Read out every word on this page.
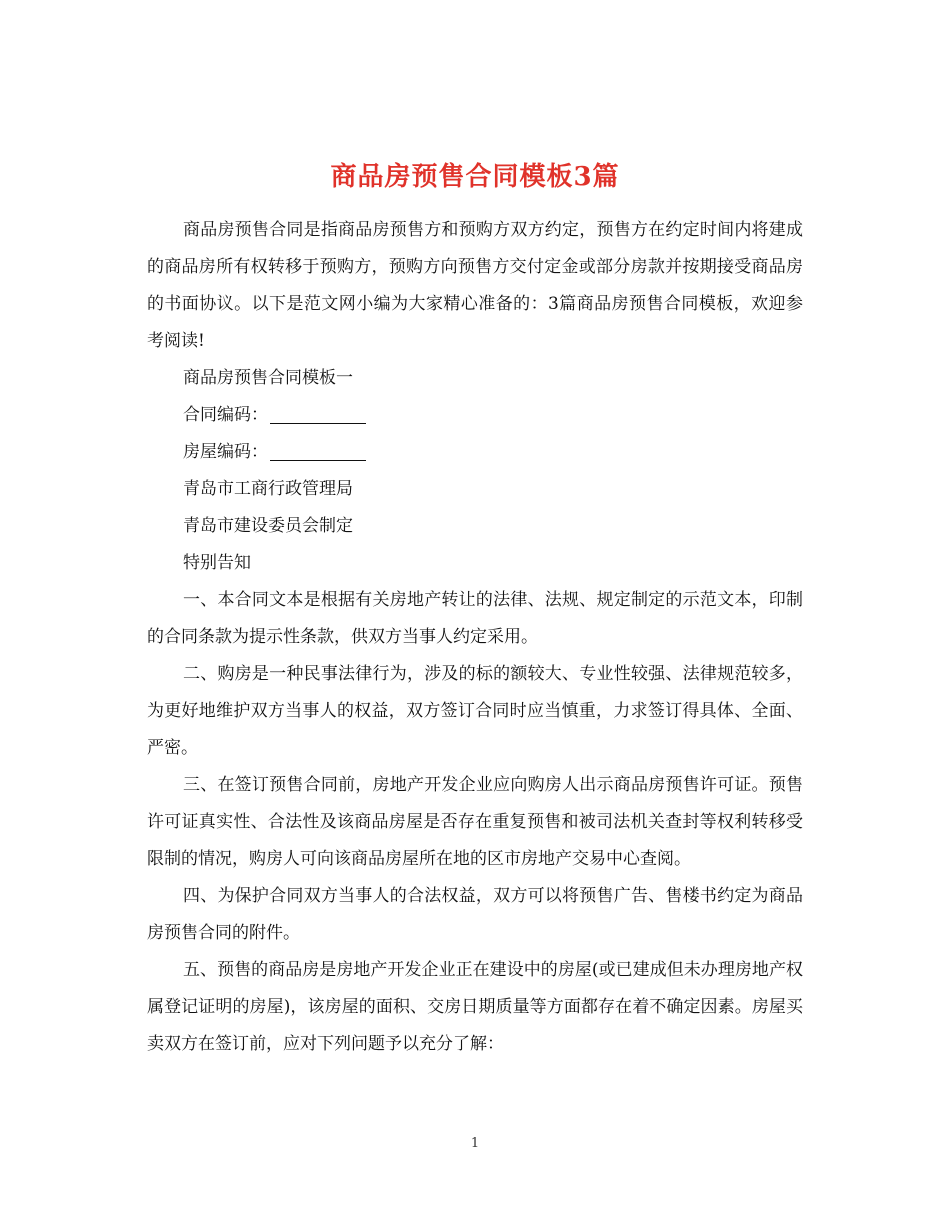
商品房预售合同模板3篇

商品房预售合同是指商品房预售方和预购方双方约定，预售方在约定时间内将建成的商品房所有权转移于预购方，预购方向预售方交付定金或部分房款并按期接受商品房的书面协议。以下是范文网小编为大家精心准备的：3篇商品房预售合同模板，欢迎参考阅读!

商品房预售合同模板一

合同编码：

房屋编码：

青岛市工商行政管理局

青岛市建设委员会制定

特别告知

一、本合同文本是根据有关房地产转让的法律、法规、规定制定的示范文本，印制的合同条款为提示性条款，供双方当事人约定采用。

二、购房是一种民事法律行为，涉及的标的额较大、专业性较强、法律规范较多，为更好地维护双方当事人的权益，双方签订合同时应当慎重，力求签订得具体、全面、严密。

三、在签订预售合同前，房地产开发企业应向购房人出示商品房预售许可证。预售许可证真实性、合法性及该商品房屋是否存在重复预售和被司法机关查封等权利转移受限制的情况，购房人可向该商品房屋所在地的区市房地产交易中心查阅。

四、为保护合同双方当事人的合法权益，双方可以将预售广告、售楼书约定为商品房预售合同的附件。

五、预售的商品房是房地产开发企业正在建设中的房屋(或已建成但未办理房地产权属登记证明的房屋)，该房屋的面积、交房日期质量等方面都存在着不确定因素。房屋买卖双方在签订前，应对下列问题予以充分了解：

1
